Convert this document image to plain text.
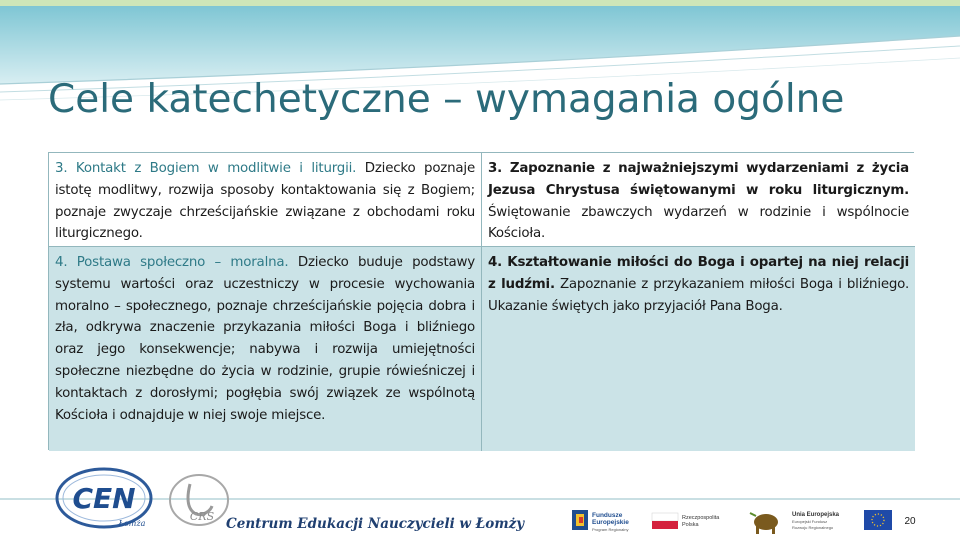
Cele katechetyczne – wymagania ogólne
3. Kontakt z Bogiem w modlitwie i liturgii. Dziecko poznaje istotę modlitwy, rozwija sposoby kontaktowania się z Bogiem; poznaje zwyczaje chrześcijańskie związane z obchodami roku liturgicznego.
3. Zapoznanie z najważniejszymi wydarzeniami z życia Jezusa Chrystusa świętowanymi w roku liturgicznym. Świętowanie zbawczych wydarzeń w rodzinie i wspólnocie Kościoła.
4. Postawa społeczno – moralna. Dziecko buduje podstawy systemu wartości oraz uczestniczy w procesie wychowania moralno – społecznego, poznaje chrześcijańskie pojęcia dobra i zła, odkrywa znaczenie przykazania miłości Boga i bliźniego oraz jego konsekwencje; nabywa i rozwija umiejętności społeczne niezbędne do życia w rodzinie, grupie rówieśniczej i kontaktach z dorosłymi; pogłębia swój związek ze wspólnotą Kościoła i odnajduje w niej swoje miejsce.
4. Kształtowanie miłości do Boga i opartej na niej relacji z ludźmi. Zapoznanie z przykazaniem miłości Boga i bliźniego. Ukazanie świętych jako przyjaciół Pana Boga.
CEN
Łomża
CRS Centrum Edukacji Nauczycieli w Łomży
Fundusze
Europejskie
Program Regionalny
Rzeczpospolita
Polska
Unia Europejska
Europejski Fundusz
Rozwoju Regionalnego
20
